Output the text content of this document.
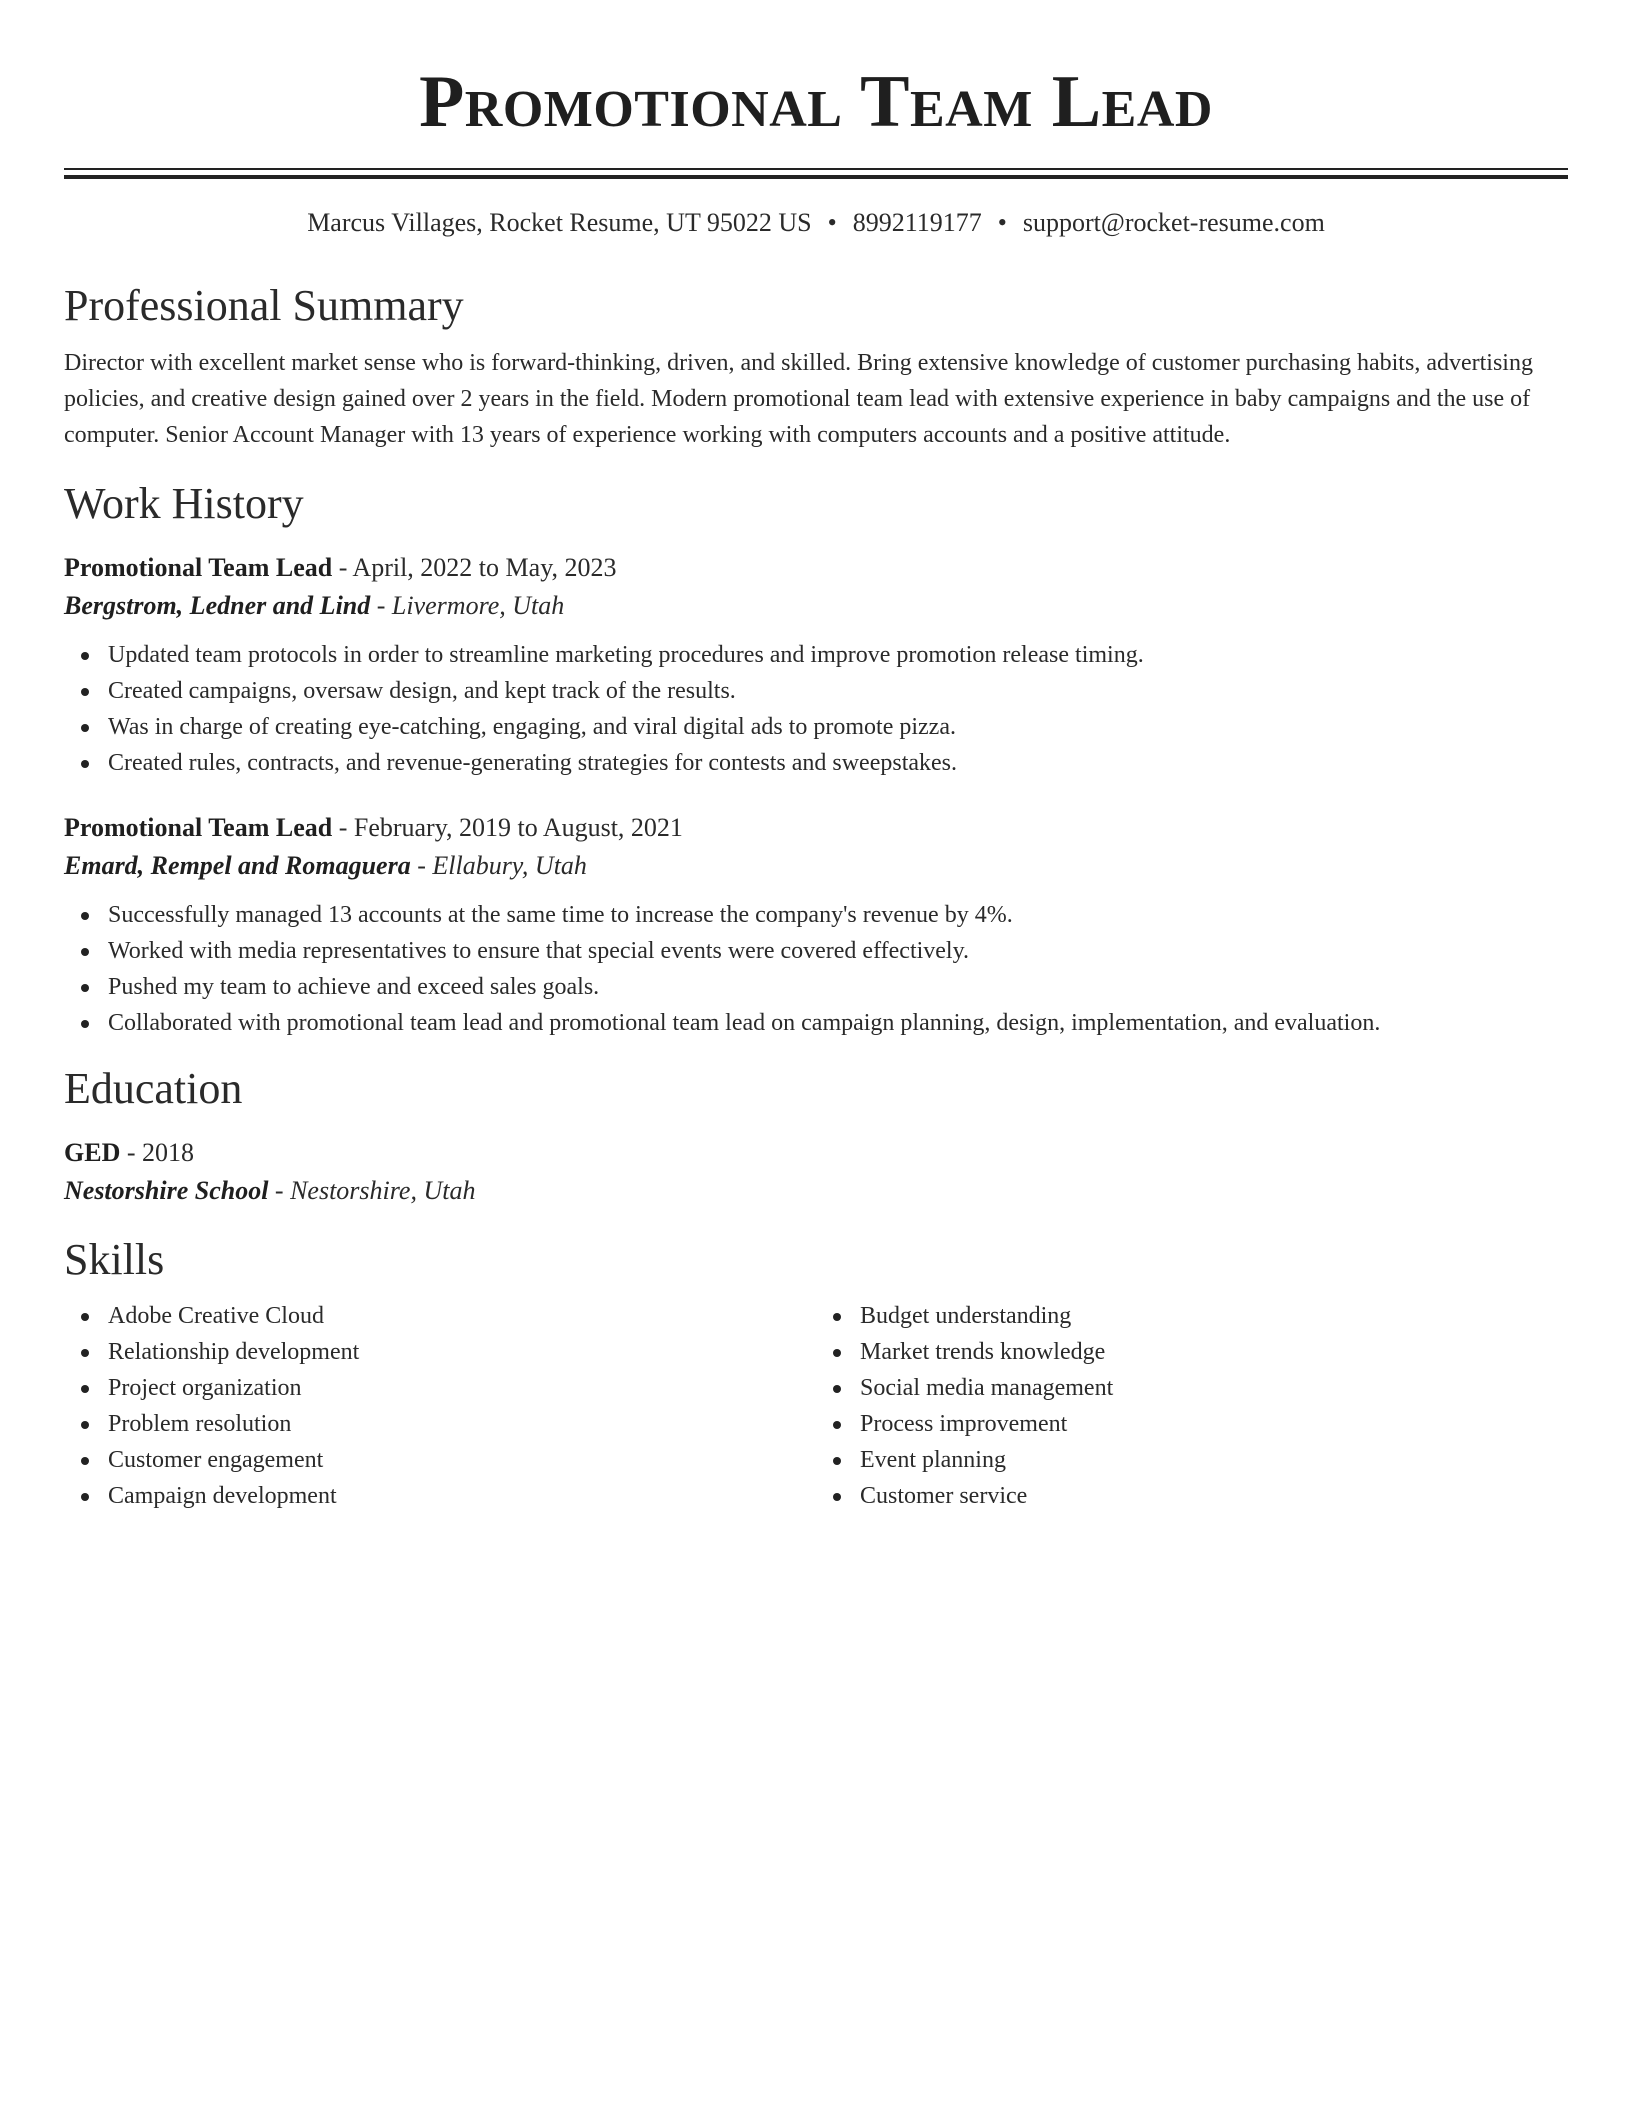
Promotional Team Lead
Marcus Villages, Rocket Resume, UT 95022 US • 8992119177 • support@rocket-resume.com
Professional Summary

Director with excellent market sense who is forward-thinking, driven, and skilled. Bring extensive knowledge of customer purchasing habits, advertising policies, and creative design gained over 2 years in the field. Modern promotional team lead with extensive experience in baby campaigns and the use of computer. Senior Account Manager with 13 years of experience working with computers accounts and a positive attitude.

Work History
Promotional Team Lead - April, 2022 to May, 2023
Bergstrom, Ledner and Lind - Livermore, Utah
Updated team protocols in order to streamline marketing procedures and improve promotion release timing.
Created campaigns, oversaw design, and kept track of the results.
Was in charge of creating eye-catching, engaging, and viral digital ads to promote pizza.
Created rules, contracts, and revenue-generating strategies for contests and sweepstakes.
Promotional Team Lead - February, 2019 to August, 2021
Emard, Rempel and Romaguera - Ellabury, Utah
Successfully managed 13 accounts at the same time to increase the company's revenue by 4%.
Worked with media representatives to ensure that special events were covered effectively.
Pushed my team to achieve and exceed sales goals.
Collaborated with promotional team lead and promotional team lead on campaign planning, design, implementation, and evaluation.
Education
GED - 2018
Nestorshire School - Nestorshire, Utah
Skills
Adobe Creative Cloud
Relationship development
Project organization
Problem resolution
Customer engagement
Campaign development
Budget understanding
Market trends knowledge
Social media management
Process improvement
Event planning
Customer service
